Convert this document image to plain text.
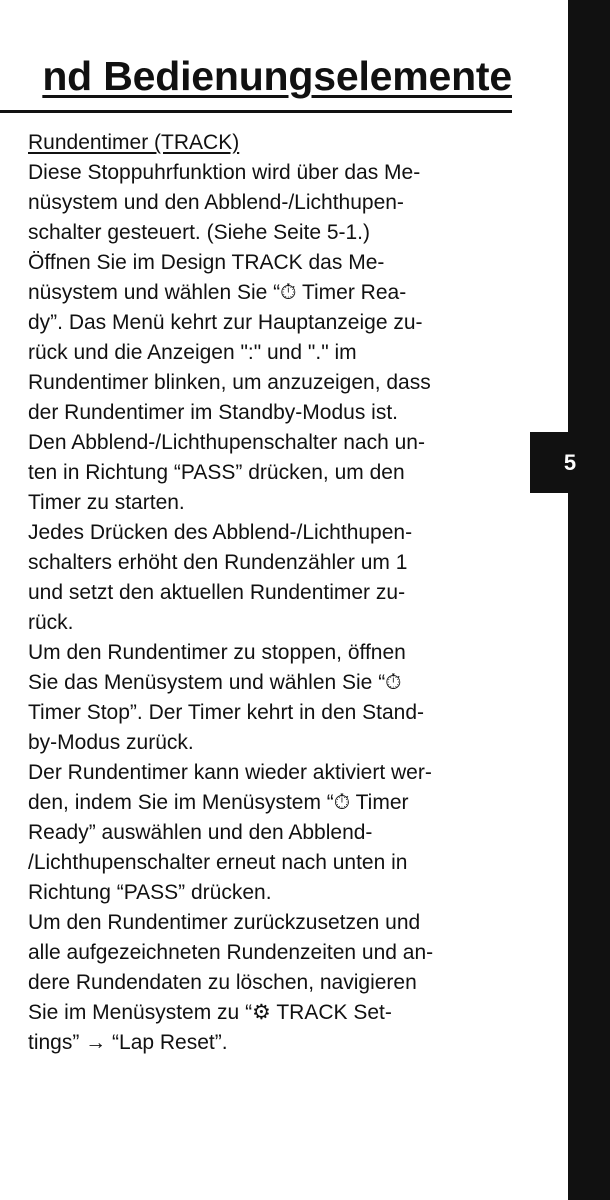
nd Bedienungselemente
5

Rundentimer (TRACK)

Diese Stoppuhrfunktion wird über das Me-

nüsystem und den Abblend-/Lichthupen-

schalter gesteuert. (Siehe Seite 5-1.)

Öffnen Sie im Design TRACK das Me-

nüsystem und wählen Sie “⏱ Timer Rea-

dy”. Das Menü kehrt zur Hauptanzeige zu-

rück und die Anzeigen ":" und "." im

Rundentimer blinken, um anzuzeigen, dass

der Rundentimer im Standby-Modus ist.

Den Abblend-/Lichthupenschalter nach un-

ten in Richtung “PASS” drücken, um den

Timer zu starten.

Jedes Drücken des Abblend-/Lichthupen-

schalters erhöht den Rundenzähler um 1

und setzt den aktuellen Rundentimer zu-

rück.

Um den Rundentimer zu stoppen, öffnen

Sie das Menüsystem und wählen Sie “⏱

Timer Stop”. Der Timer kehrt in den Stand-

by-Modus zurück.

Der Rundentimer kann wieder aktiviert wer-

den, indem Sie im Menüsystem “⏱ Timer

Ready” auswählen und den Abblend-

/Lichthupenschalter erneut nach unten in

Richtung “PASS” drücken.

Um den Rundentimer zurückzusetzen und

alle aufgezeichneten Rundenzeiten und an-

dere Rundendaten zu löschen, navigieren

Sie im Menüsystem zu “⚙ TRACK Set-

tings” → “Lap Reset”.
